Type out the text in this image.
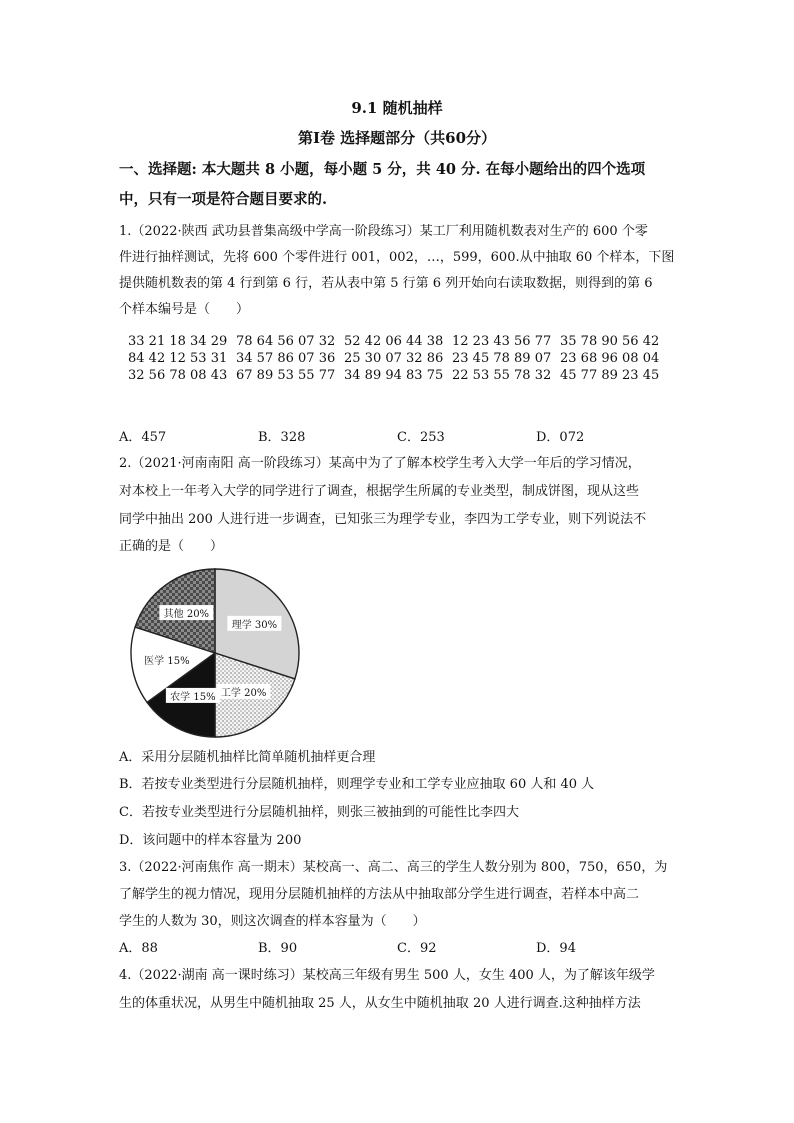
9.1 随机抽样
第I卷 选择题部分（共60分）
一、选择题: 本大题共 8 小题，每小题 5 分，共 40 分. 在每小题给出的四个选项
中，只有一项是符合题目要求的.
1.（2022·陕西 武功县普集高级中学高一阶段练习）某工厂利用随机数表对生产的 600 个零
件进行抽样测试，先将 600 个零件进行 001，002，…，599，600.从中抽取 60 个样本，下图
提供随机数表的第 4 行到第 6 行，若从表中第 5 行第 6 列开始向右读取数据，则得到的第 6
个样本编号是（　　）
33 21 18 34 29 78 64 56 07 32 52 42 06 44 38 12 23 43 56 77 35 78 90 56 42
84 42 12 53 31 34 57 86 07 36 25 30 07 32 86 23 45 78 89 07 23 68 96 08 04
32 56 78 08 43 67 89 53 55 77 34 89 94 83 75 22 53 55 78 32 45 77 89 23 45
A．457	B．328	C．253	D．072
2.（2021·河南南阳 高一阶段练习）某高中为了了解本校学生考入大学一年后的学习情况，
对本校上一年考入大学的同学进行了调查，根据学生所属的专业类型，制成饼图，现从这些
同学中抽出 200 人进行进一步调查，已知张三为理学专业，李四为工学专业，则下列说法不
正确的是（　　）
理学 30%
工学 20%
农学 15%
医学 15%
其他 20%
A．采用分层随机抽样比简单随机抽样更合理
B．若按专业类型进行分层随机抽样，则理学专业和工学专业应抽取 60 人和 40 人
C．若按专业类型进行分层随机抽样，则张三被抽到的可能性比李四大
D．该问题中的样本容量为 200
3.（2022·河南焦作 高一期末）某校高一、高二、高三的学生人数分别为 800，750，650，为
了解学生的视力情况，现用分层随机抽样的方法从中抽取部分学生进行调查，若样本中高二
学生的人数为 30，则这次调查的样本容量为（　　）
A．88	B．90	C．92	D．94
4.（2022·湖南 高一课时练习）某校高三年级有男生 500 人，女生 400 人，为了解该年级学
生的体重状况，从男生中随机抽取 25 人，从女生中随机抽取 20 人进行调查.这种抽样方法
